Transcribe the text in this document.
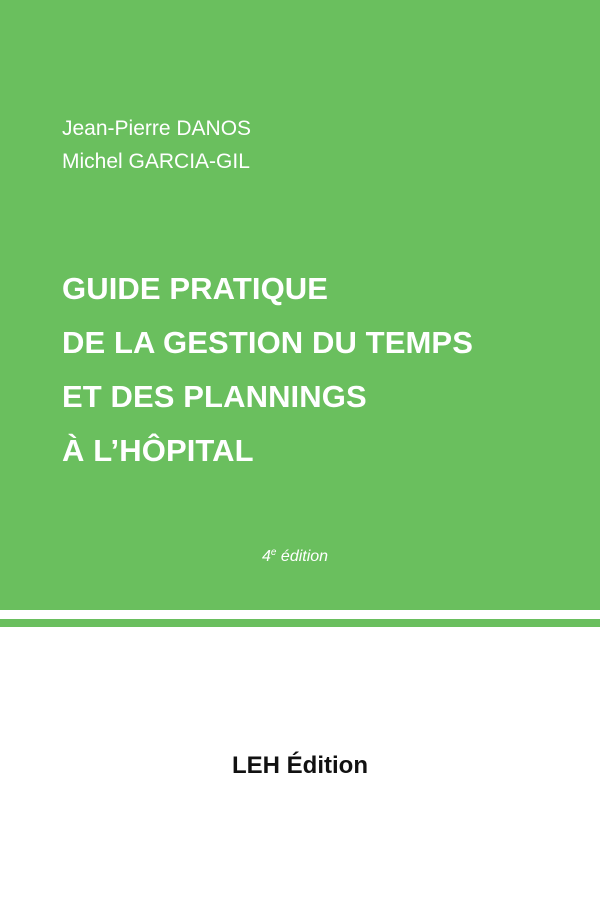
Jean-Pierre DANOS
Michel GARCIA-GIL
GUIDE PRATIQUE
DE LA GESTION DU TEMPS
ET DES PLANNINGS
À L’HÔPITAL
4e édition
LEH Édition
